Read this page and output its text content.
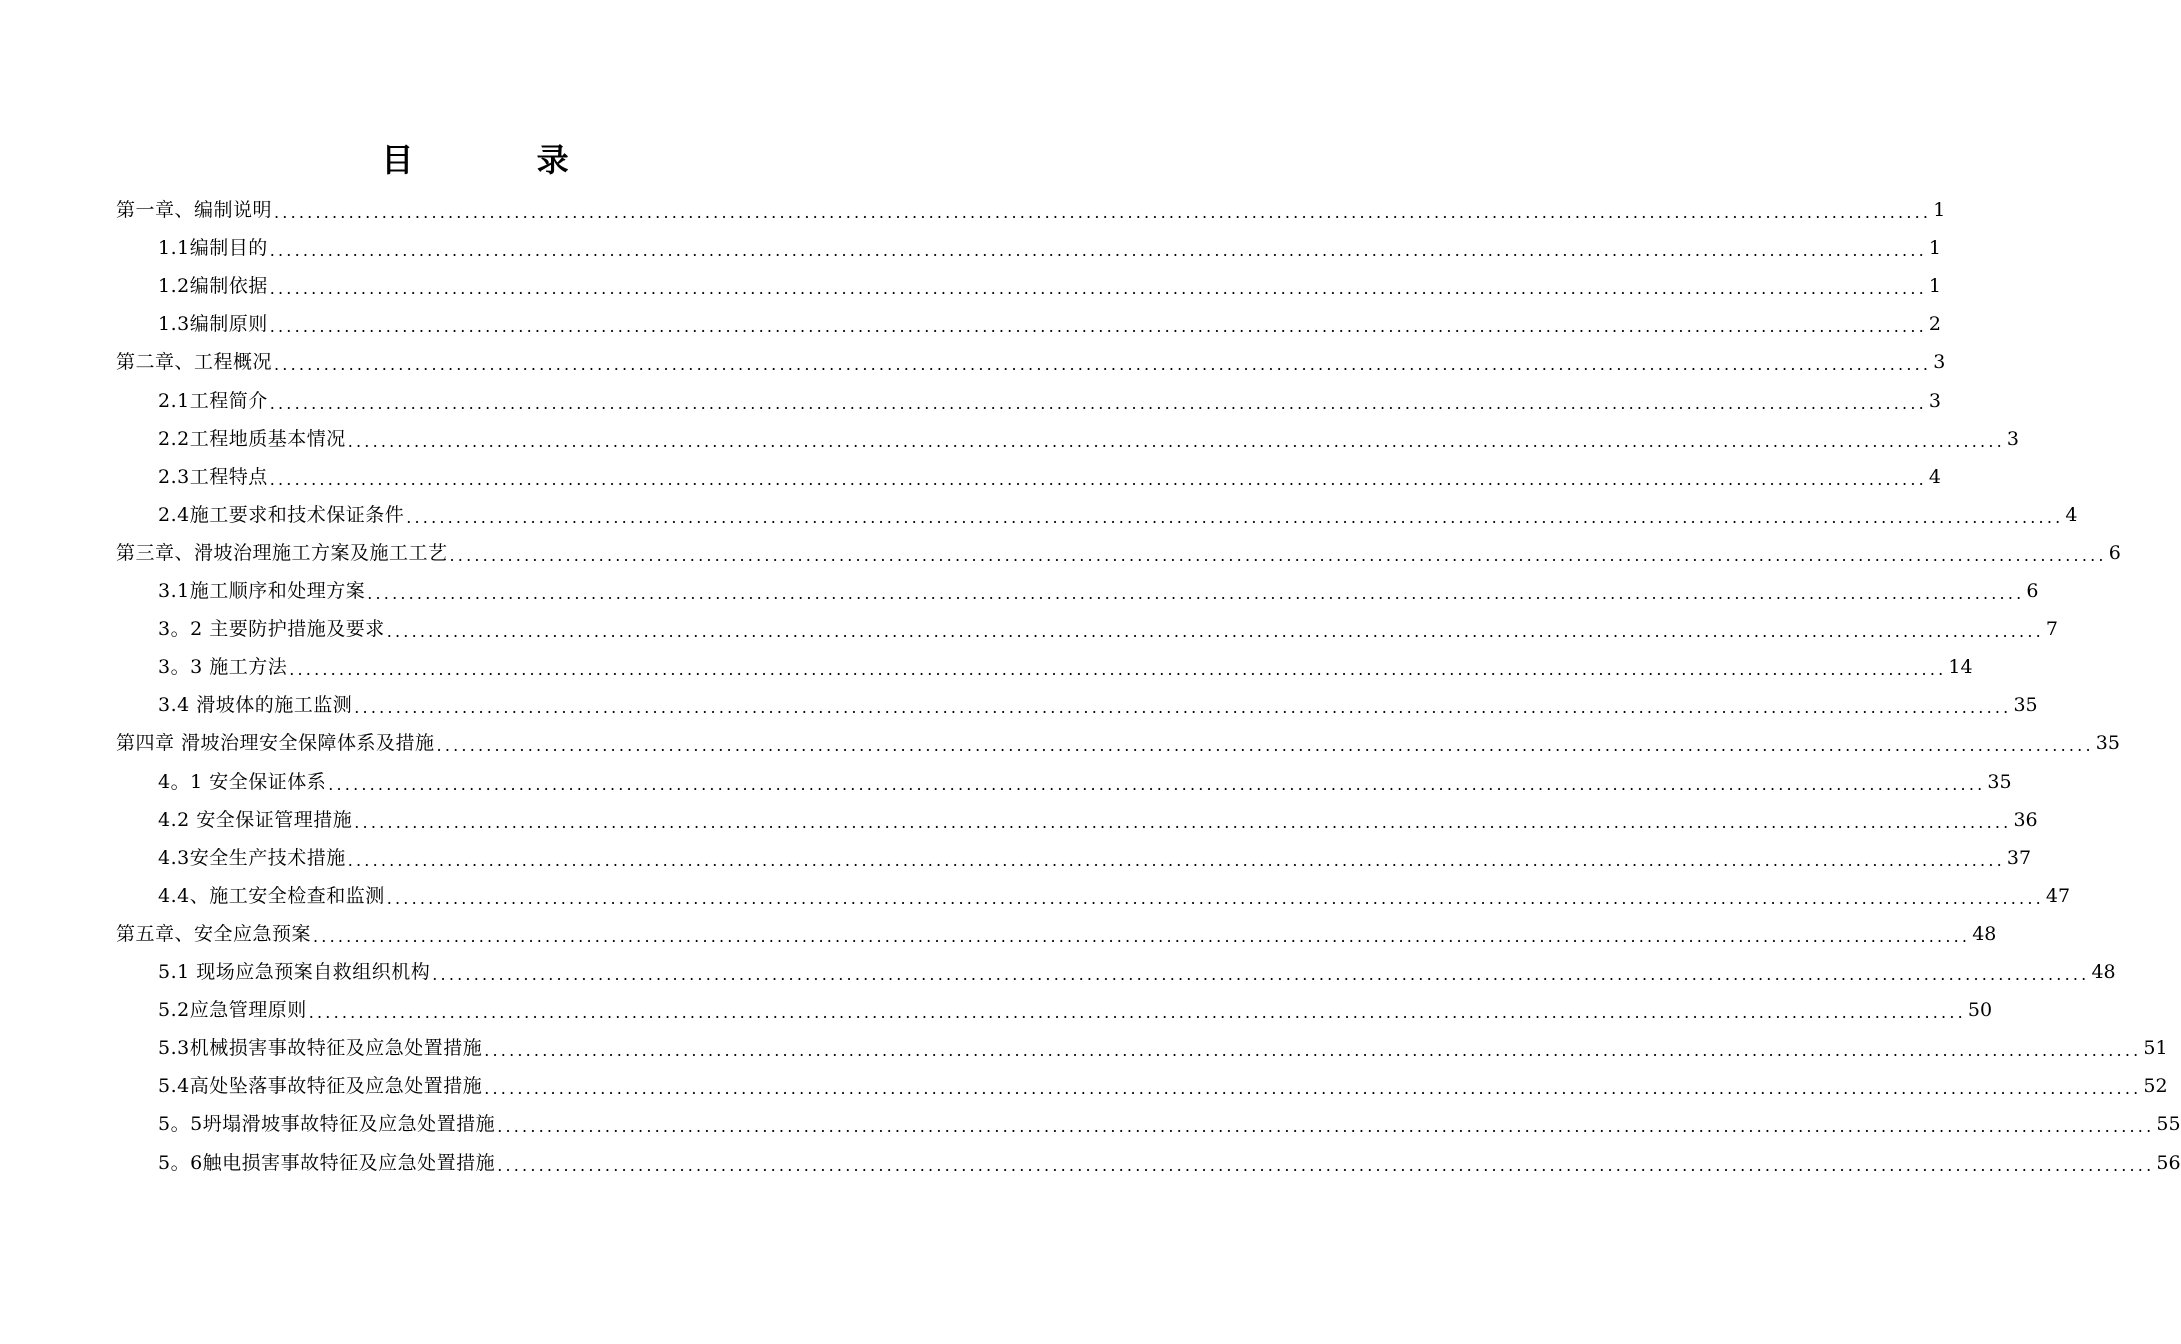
目 录
第一章、编制说明 ........................................................................................................................................................................................................ 1
1.1编制目的 ........................................................................................................................................................................................................ 1
1.2编制依据 ........................................................................................................................................................................................................ 1
1.3编制原则 ........................................................................................................................................................................................................ 2
第二章、工程概况 ........................................................................................................................................................................................................ 3
2.1工程简介 ........................................................................................................................................................................................................ 3
2.2工程地质基本情况 ........................................................................................................................................................................................................ 3
2.3工程特点 ........................................................................................................................................................................................................ 4
2.4施工要求和技术保证条件 ........................................................................................................................................................................................................ 4
第三章、滑坡治理施工方案及施工工艺 ........................................................................................................................................................................................................ 6
3.1施工顺序和处理方案 ........................................................................................................................................................................................................ 6
3。2 主要防护措施及要求 ........................................................................................................................................................................................................ 7
3。3 施工方法 ........................................................................................................................................................................................................ 14
3.4 滑坡体的施工监测 ........................................................................................................................................................................................................ 35
第四章 滑坡治理安全保障体系及措施 ........................................................................................................................................................................................................ 35
4。1 安全保证体系 ........................................................................................................................................................................................................ 35
4.2 安全保证管理措施 ........................................................................................................................................................................................................ 36
4.3安全生产技术措施 ........................................................................................................................................................................................................ 37
4.4、施工安全检查和监测 ........................................................................................................................................................................................................ 47
第五章、安全应急预案 ........................................................................................................................................................................................................ 48
5.1 现场应急预案自救组织机构 ........................................................................................................................................................................................................ 48
5.2应急管理原则 ........................................................................................................................................................................................................ 50
5.3机械损害事故特征及应急处置措施 ........................................................................................................................................................................................................ 51
5.4高处坠落事故特征及应急处置措施 ........................................................................................................................................................................................................ 52
5。5坍塌滑坡事故特征及应急处置措施 ........................................................................................................................................................................................................ 55
5。6触电损害事故特征及应急处置措施 ........................................................................................................................................................................................................ 56
